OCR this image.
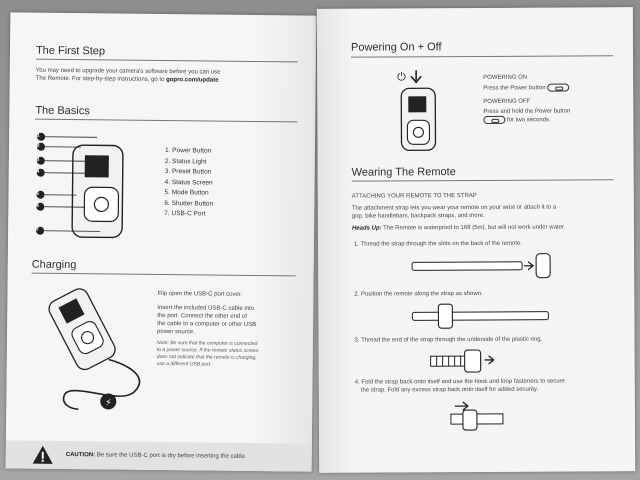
The First Step
You may need to upgrade your camera's software before you can use
The Remote. For step-by-step instructions, go to gopro.com/update.
The Basics
1
2
3
4
5
6
7
1. Power Button
2. Status Light
3. Preset Button
4. Status Screen
5. Mode Button
6. Shutter Button
7. USB-C Port
Charging
⚡
Flip open the USB-C port cover.
Insert the included USB-C cable into
the port. Connect the other end of
the cable to a computer or other USB
power source.
Note: Be sure that the computer is connected
to a power source. If the remote status screen
does not indicate that the remote is charging,
use a different USB port.
CAUTION: Be sure the USB-C port is dry before inserting the cable.
Powering On + Off
⏻	POWERING ON
Press the Power button
POWERING OFF
Press and hold the Power button
for two seconds.
Wearing The Remote
ATTACHING YOUR REMOTE TO THE STRAP
The attachment strap lets you wear your remote on your wrist or attach it to a
grip, bike handlebars, backpack straps, and more.
Heads Up: The Remote is waterproof to 16ft (5m), but will not work under water.
1. Thread the strap through the slots on the back of the remote.
2. Position the remote along the strap as shown.
3. Thread the end of the strap through the underside of the plastic ring.
4. Fold the strap back onto itself and use the hook and loop fasteners to secure
the strap. Fold any excess strap back onto itself for added security.
